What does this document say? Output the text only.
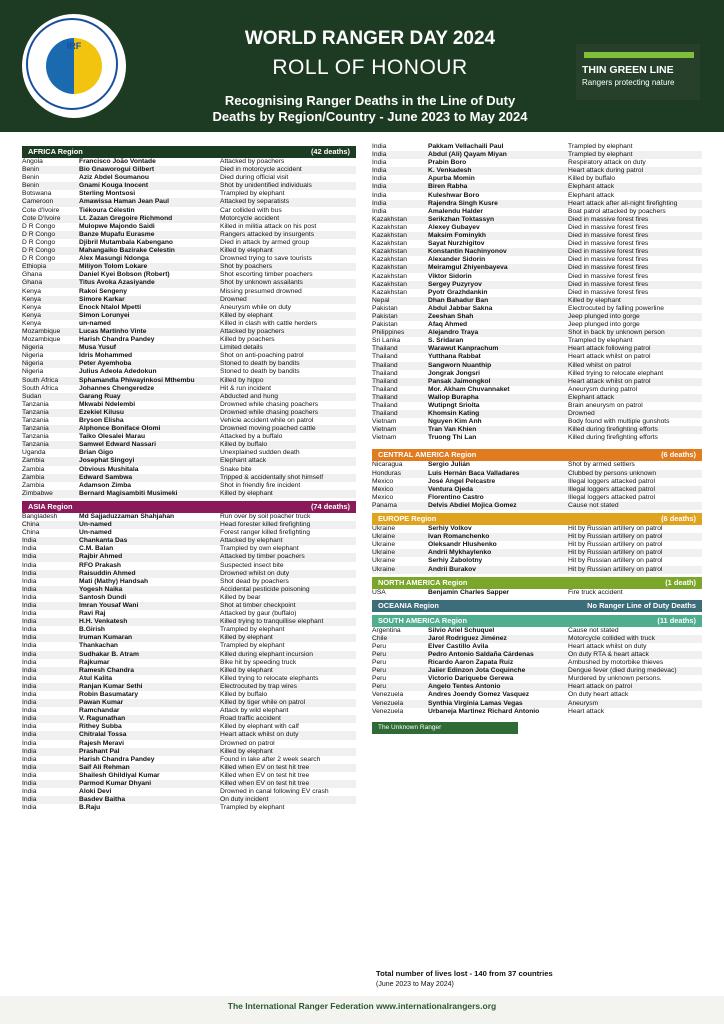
IRF	WORLD RANGER DAY 2024
ROLL OF HONOUR
Recognising Ranger Deaths in the Line of Duty
Deaths by Region/Country - June 2023 to May 2024
THIN GREEN LINE
Rangers protecting nature
AFRICA Region	(42 deaths)
Angola	Francisco João Vontade	Attacked by poachers
Benin	Bio Gnaworogui Gilbert	Died in motorcycle accident
Benin	Aziz Abdel Soumanou	Died during official visit
Benin	Gnami Kouga Inocent	Shot by unidentified individuals
Botswana	Sterling Montsosi	Trampled by elephant
Cameroon	Amawissa Haman Jean Paul	Attacked by separatists
Cote d'Ivoire	Tiékoura Célestin	Car collided with bus
Cote D'Ivoire	Lt. Zazan Gregoire Richmond	Motorcycle accident
D R Congo	Mulopwe Majondo Saidi	Killed in militia attack on his post
D R Congo	Banze Mupafu Eurasme	Rangers attacked by insurgents
D R Congo	Djibril Mutambala Kabengano	Died in attack by armed group
D R Congo	Mahangaiko Bazirake Celestin	Killed by elephant
D R Congo	Alex Masungi Ndonga	Drowned trying to save tourists
Ethiopia	Miliyon Tolom Lokare	Shot by poachers
Ghana	Daniel Kyei Bobson (Robert)	Shot escorting timber poachers
Ghana	Titus Avoka Azasiyande	Shot by unknown assailants
Kenya	Rakoi Sengeny	Missing presumed drowned
Kenya	Simore Karkar	Drowned
Kenya	Enock Ntalol Mpetti	Aneurysm while on duty
Kenya	Simon Lorunyei	Killed by elephant
Kenya	un-named	Killed in clash with cattle herders
Mozambique	Lucas Martinho Vinte	Attacked by poachers
Mozambique	Harish Chandra Pandey	Killed by poachers
Nigeria	Musa Yusuf	Limited details
Nigeria	Idris Mohammed	Shot on anti-poaching patrol
Nigeria	Peter Ayemhoba	Stoned to death by bandits
Nigeria	Julius Adeola Adedokun	Stoned to death by bandits
South Africa	Sphamandla Phiwayinkosi Mthembu	Killed by hippo
South Africa	Johannes Chengeredze	Hit & run incident
Sudan	Garang Ruay	Abducted and hung
Tanzania	Mkwabi Ndelembi	Drowned while chasing poachers
Tanzania	Ezekiel Kilusu	Drowned while chasing poachers
Tanzania	Bryson Elisha	Vehicle accident while on patrol
Tanzania	Alphonce Boniface Olomi	Drowned moving poached cattle
Tanzania	Taiko Olesalei Marau	Attacked by a buffalo
Tanzania	Samwel Edward Nassari	Killed by buffalo
Uganda	Brian Gigo	Unexplained sudden death
Zambia	Josephat Singoyi	Elephant attack
Zambia	Obvious Mushitala	Snake bite
Zambia	Edward Sambwa	Tripped & accidentally shot himself
Zambia	Adamson Zimba	Shot in friendly fire incident
Zimbabwe	Bernard Magisambiti Musimeki	Killed by elephant
ASIA Region	(74 deaths)
Bangladesh	Md Sajjaduzzaman Shahjahan	Run over by soil poacher truck
China	Un-named	Head forester killed firefighting
China	Un-named	Forest ranger killed firefighting
India	Chankanta Das	Attacked by elephant
India	C.M. Balan	Trampled by own elephant
India	Rajbir Ahmed	Attacked by timber poachers
India	RFO Prakash	Suspected insect bite
India	Raisuddin Ahmed	Drowned whilst on duty
India	Mati (Mathy) Handsah	Shot dead by poachers
India	Yogesh Naika	Accidental pesticide poisoning
India	Santosh Dundi	Killed by bear
India	Imran Yousaf Wani	Shot at timber checkpoint
India	Ravi Raj	Attacked by gaur (buffalo)
India	H.H. Venkatesh	Killed trying to tranquillise elephant
India	B.Girish	Trampled by elephant
India	Iruman Kumaran	Killed by elephant
India	Thankachan	Trampled by elephant
India	Sudhakar B. Atram	Killed during elephant incursion
India	Rajkumar	Bike hit by speeding truck
India	Ramesh Chandra	Killed by elephant
India	Atul Kalita	Killed trying to relocate elephants
India	Ranjan Kumar Sethi	Electrocuted by trap wires
India	Robin Basumatary	Killed by buffalo
India	Pawan Kumar	Killed by tiger while on patrol
India	Ramchandar	Attack by wild elephant
India	V. Ragunathan	Road traffic accident
India	Rithey Subba	Killed by elephant with calf
India	Chitralal Tossa	Heart attack whilst on duty
India	Rajesh Meravi	Drowned on patrol
India	Prashant Pal	Killed by elephant
India	Harish Chandra Pandey	Found in lake after 2 week search
India	Saif Ali Rehman	Killed when EV on test hit tree
India	Shailesh Ghildiyal Kumar	Killed when EV on test hit tree
India	Parmod Kumar Dhyani	Killed when EV on test hit tree
India	Aloki Devi	Drowned in canal following EV crash
India	Basdev Baitha	On duty incident
India	B.Raju	Trampled by elephant
India	Pakkam Vellachaili Paul	Trampled by elephant
India	Abdul (Ali) Qayam Miyan	Trampled by elephant
India	Prabin Boro	Respiratory attack on duty
India	K. Venkadesh	Heart attack during patrol
India	Apurba Momin	Killed by buffalo
India	Biren Rabha	Elephant attack
India	Kuleshwar Boro	Elephant attack
India	Rajendra Singh Kusre	Heart attack after all-night firefighting
India	Amalendu Halder	Boat patrol attacked by poachers
Kazakhstan	Serikzhan Toktassyn	Died in massive forest fires
Kazakhstan	Alexey Gubayev	Died in massive forest fires
Kazakhstan	Maksim Fominykh	Died in massive forest fires
Kazakhstan	Sayat Nurzhigitov	Died in massive forest fires
Kazakhstan	Konstantin Nachinyonov	Died in massive forest fires
Kazakhstan	Alexander Sidorin	Died in massive forest fires
Kazakhstan	Meiramgul Zhiyenbayeva	Died in massive forest fires
Kazakhstan	Viktor Sidorin	Died in massive forest fires
Kazakhstan	Sergey Puzyryov	Died in massive forest fires
Kazakhstan	Pyotr Grazhdankin	Died in massive forest fires
Nepal	Dhan Bahadur Ban	Killed by elephant
Pakistan	Abdul Jabbar Sakna	Electrocuted by falling powerline
Pakistan	Zeeshan Shah	Jeep plunged into gorge
Pakistan	Afaq Ahmed	Jeep plunged into gorge
Philippines	Alejandro Traya	Shot in back by unknown person
Sri Lanka	S. Sridaran	Trampled by elephant
Thailand	Warawut Kanprachum	Heart attack following patrol
Thailand	Yutthana Rabbat	Heart attack whilst on patrol
Thailand	Sangworn Nuanthip	Killed whilst on patrol
Thailand	Jongrak Jongsri	Killed trying to relocate elephant
Thailand	Pansak Jaimongkol	Heart attack whilst on patrol
Thailand	Mor. Akham Chuvannaket	Aneurysm during patrol
Thailand	Wallop Burapha	Elephant attack
Thailand	Wutipngt Sriolta	Brain aneurysm on patrol
Thailand	Khomsin Kating	Drowned
Vietnam	Nguyen Kim Anh	Body found with multiple gunshots
Vietnam	Tran Van Khien	Killed during firefighting efforts
Vietnam	Truong Thi Lan	Killed during firefighting efforts
CENTRAL AMERICA Region	(6 deaths)
Nicaragua	Sergio Julián	Shot by armed settlers
Honduras	Luis Hernán Baca Valladares	Clubbed by persons unknown
Mexico	José Ángel Pelcastre	Illegal loggers attacked patrol
Mexico	Ventura Ojeda	Illegal loggers attacked patrol
Mexico	Florentino Castro	Illegal loggers attacked patrol
Panama	Delvis Abdiel Mojica Gomez	Cause not stated
EUROPE Region	(6 deaths)
Ukraine	Serhiy Volkov	Hit by Russian artillery on patrol
Ukraine	Ivan Romanchenko	Hit by Russian artillery on patrol
Ukraine	Oleksandr Hlushenko	Hit by Russian artillery on patrol
Ukraine	Andrii Mykhaylenko	Hit by Russian artillery on patrol
Ukraine	Serhiy Zabolotny	Hit by Russian artillery on patrol
Ukraine	Andrii Burakov	Hit by Russian artillery on patrol
NORTH AMERICA Region	(1 death)
USA	Benjamin Charles Sapper	Fire truck accident
OCEANIA Region	No Ranger Line of Duty Deaths
SOUTH AMERICA Region	(11 deaths)
Argentina	Silvio Ariel Schuquel	Cause not stated
Chile	Jarol Rodriguez Jiménez	Motorcycle collided with truck
Peru	Elver Castillo Ávila	Heart attack whilst on duty
Peru	Pedro Antonio Saldaña Cárdenas	On duty RTA & heart attack
Peru	Ricardo Aaron Zapata Ruiz	Ambushed by motorbike thieves
Peru	Jaiier Edinzon Jota Coquinche	Dengue fever (died during medevac)
Peru	Victorio Dariquebe Gerewa	Murdered by unknown persons.
Peru	Angelo Tentes Antonio	Heart attack on patrol
Venezuela	Andres Joendy Gomez Vasquez	On duty heart attack
Venezuela	Synthia Virginia Lamas Vegas	Aneurysm
Venezuela	Urbaneja Martinez Richard Antonio	Heart attack
The Unknown Ranger
Total number of lives lost - 140 from 37 countries
(June 2023 to May 2024)
The International Ranger Federation www.internationalrangers.org
